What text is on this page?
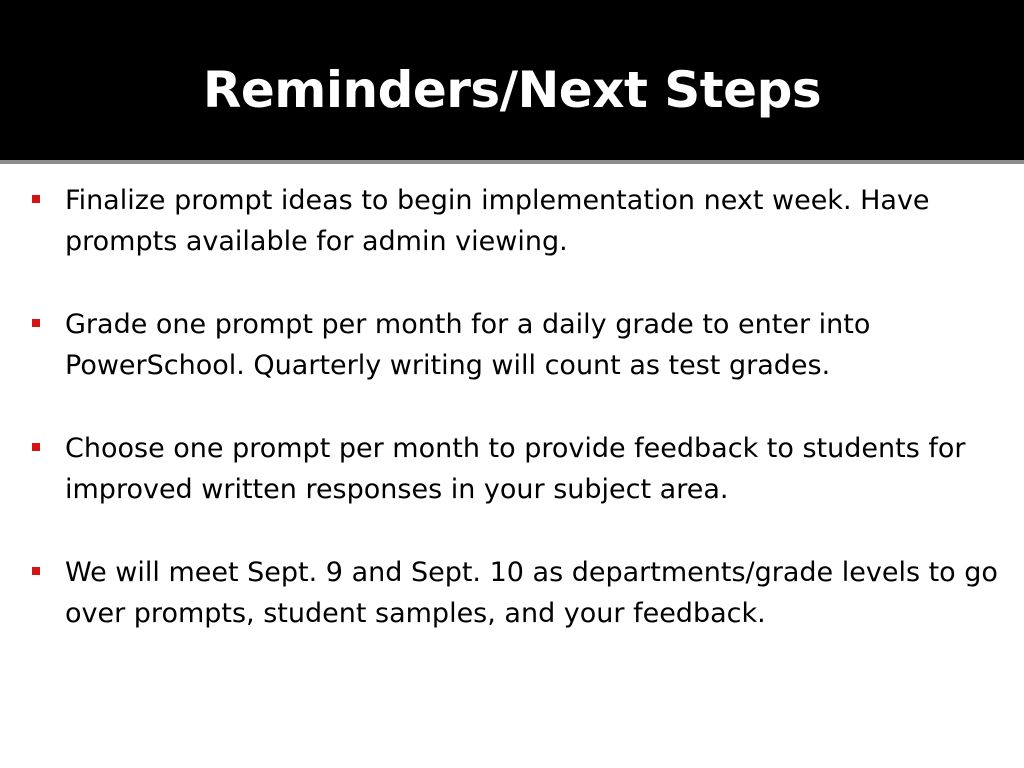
Reminders/Next Steps
Finalize prompt ideas to begin implementation next week. Have prompts available for admin viewing.
Grade one prompt per month for a daily grade to enter into PowerSchool. Quarterly writing will count as test grades.
Choose one prompt per month to provide feedback to students for improved written responses in your subject area.
We will meet Sept. 9 and Sept. 10 as departments/grade levels to go over prompts, student samples, and your feedback.
